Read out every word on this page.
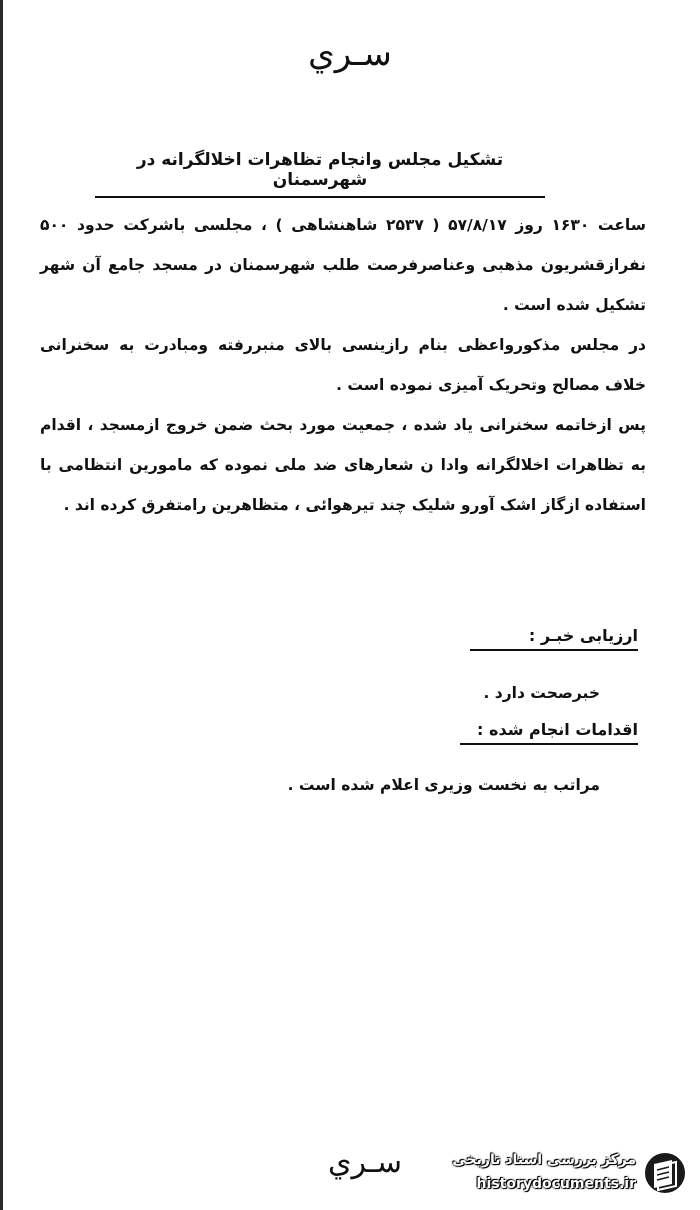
سـري
تشکيل مجلس وانجام تظاهرات اخلالگرانه در شهرسمنان

ساعت ۱۶۳۰ روز ۵۷/۸/۱۷ ( ۲۵۳۷ شاهنشاهی ) ، مجلسی باشرکت حدود ۵۰۰ نفرازقشریون مذهبی وعناصرفرصت طلب شهرسمنان در مسجد جامع آن شهر تشکیل شده است .

در مجلس مذکورواعظی بنام رازینسی بالای منبررفته ومبادرت به سخنرانی خلاف مصالح وتحریک آمیزی نموده است .

پس ازخاتمه سخنرانی یاد شده ، جمعیت مورد بحث ضمن خروج ازمسجد ، اقدام به تظاهرات اخلالگرانه وادا ن شعارهای ضد ملی نموده که مامورین انتظامی با استفاده ازگاز اشک آورو شلیک چند تیرهوائی ، متظاهرین رامتفرق کرده اند .

ارزیابی خبـر :
خبرصحت دارد .
اقدامات انجام شده :
مراتب به نخست وزیری اعلام شده است .
سـري	مرکز بررسی اسناد تاریخی
historydocuments.ir
